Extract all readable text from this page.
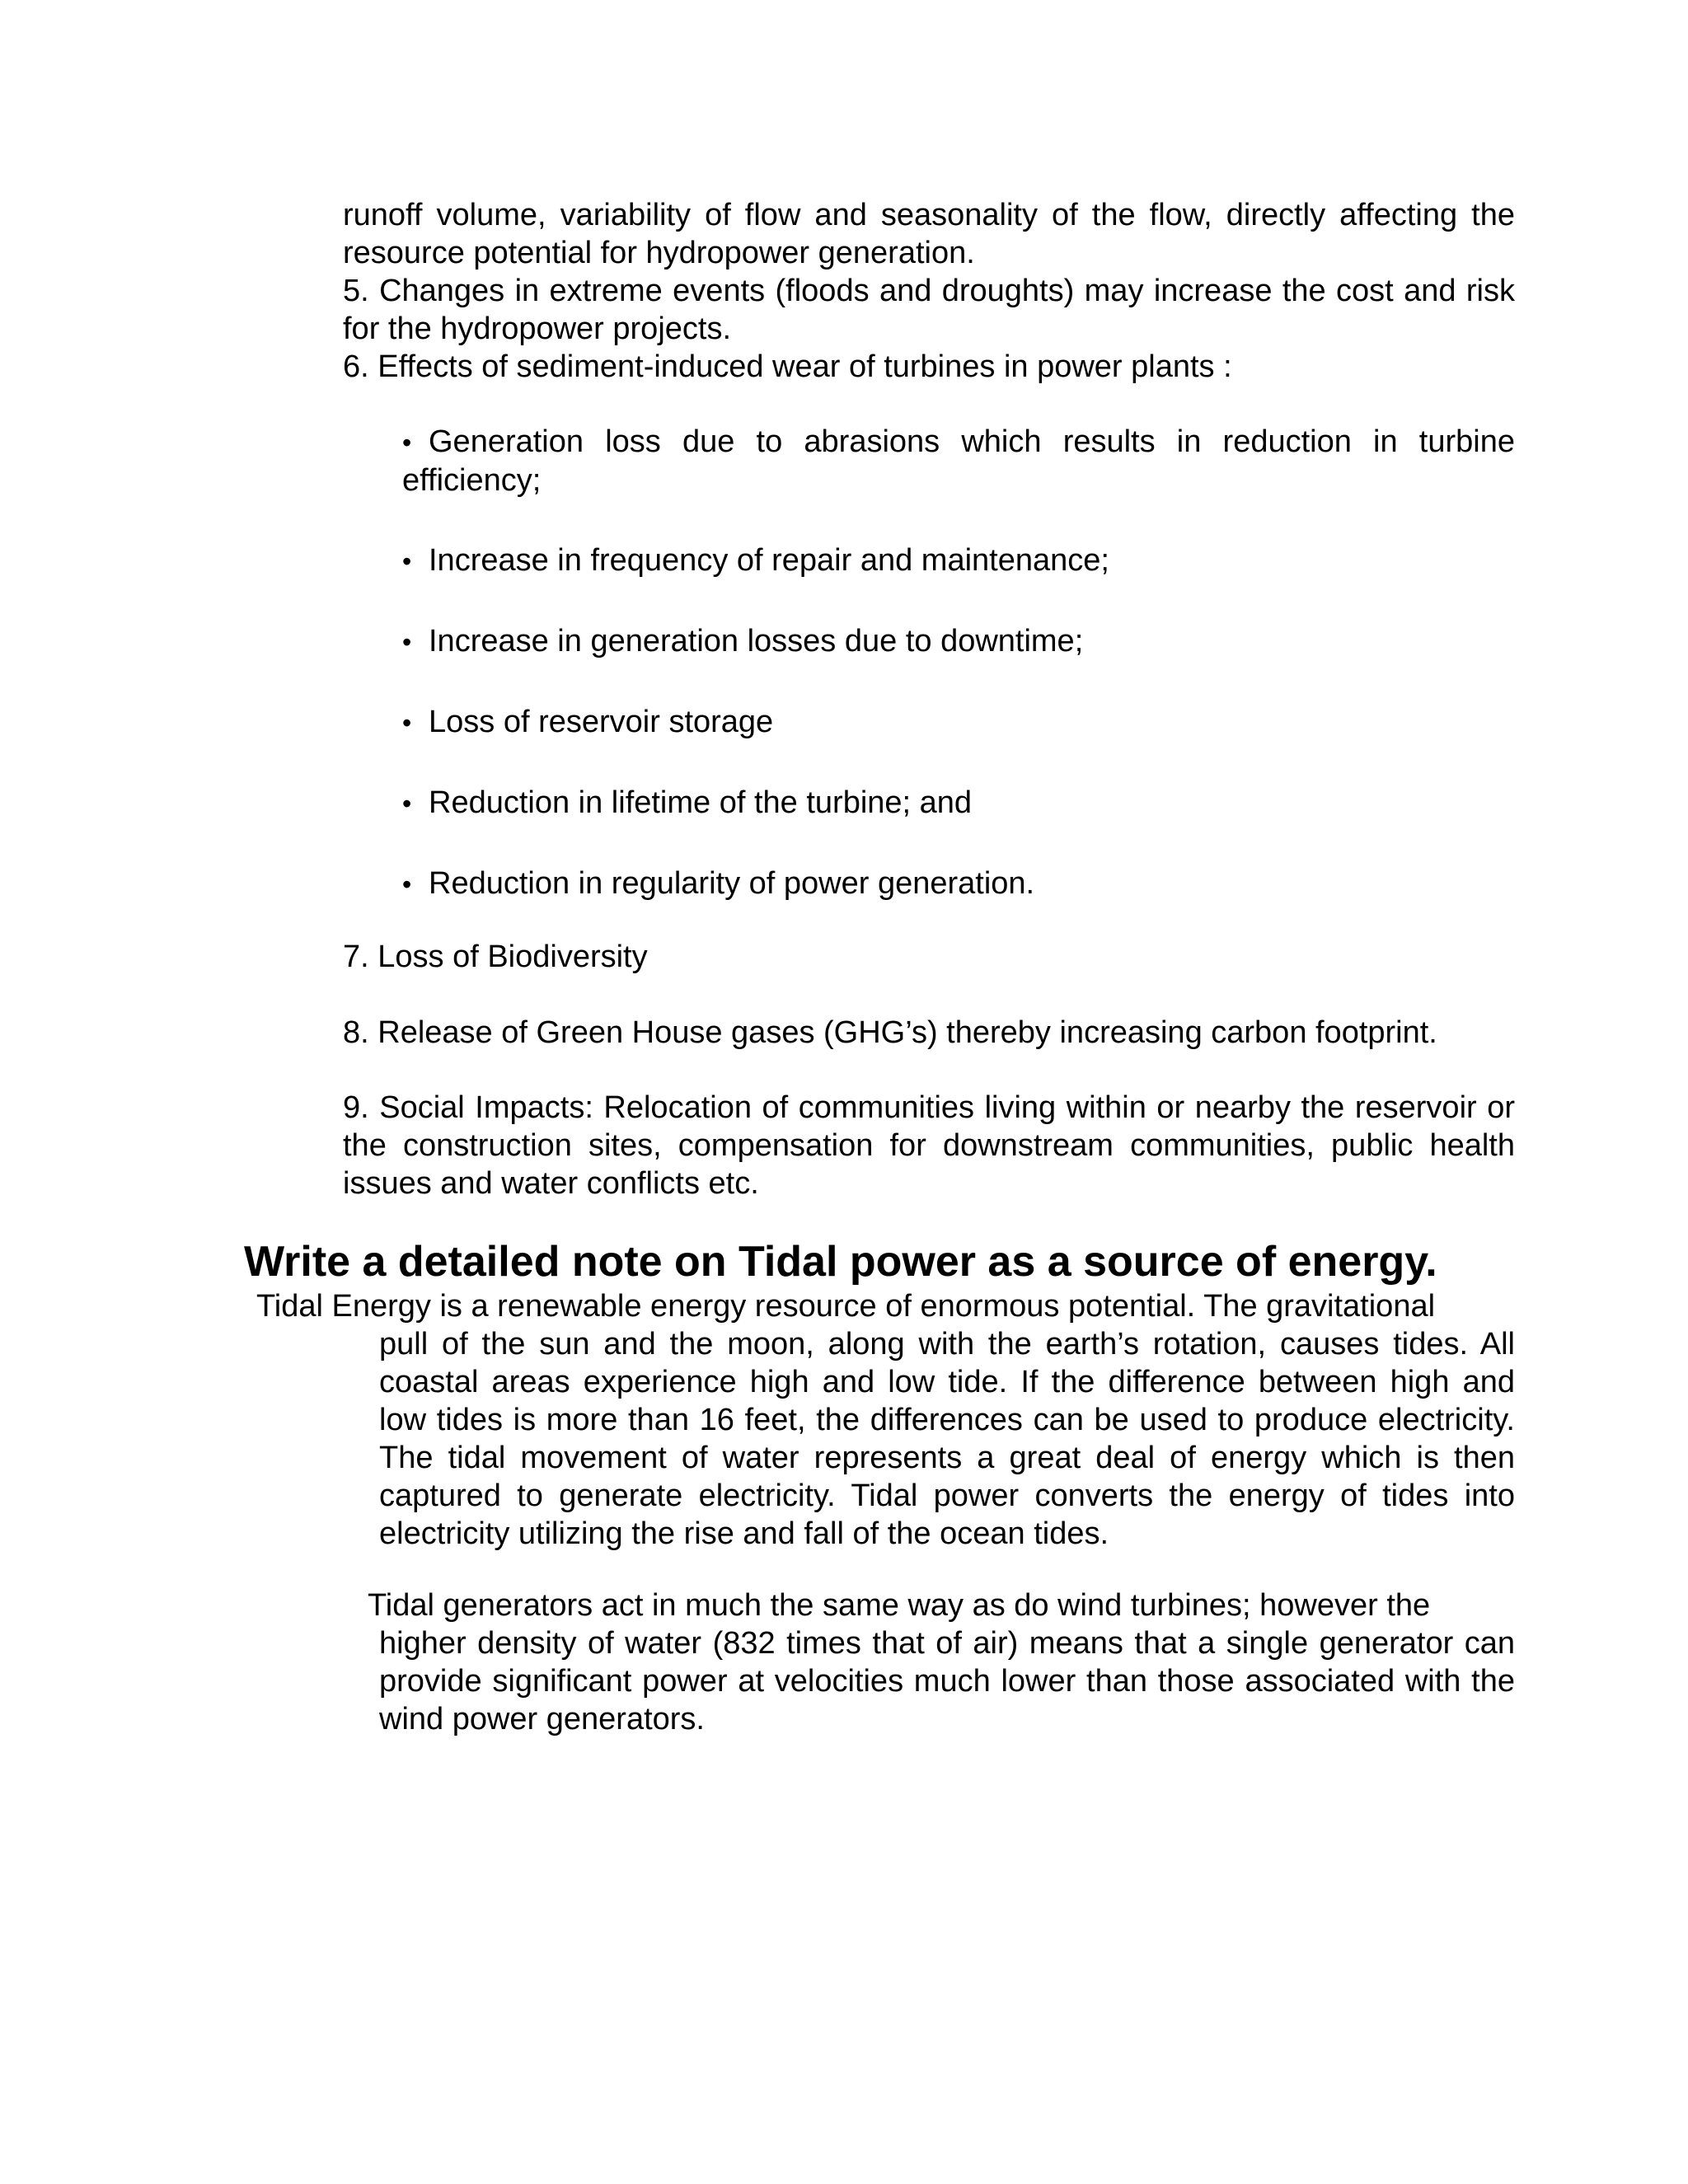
runoff volume, variability of flow and seasonality of the flow, directly affecting the resource potential for hydropower generation.

5. Changes in extreme events (floods and droughts) may increase the cost and risk for the hydropower projects.

6. Effects of sediment-induced wear of turbines in power plants :

• Generation loss due to abrasions which results in reduction in turbine efficiency;

• Increase in frequency of repair and maintenance;

• Increase in generation losses due to downtime;

• Loss of reservoir storage

• Reduction in lifetime of the turbine; and

• Reduction in regularity of power generation.

7. Loss of Biodiversity

8. Release of Green House gases (GHG’s) thereby increasing carbon footprint.

9. Social Impacts: Relocation of communities living within or nearby the reservoir or the construction sites, compensation for downstream communities, public health issues and water conflicts etc.

Write a detailed note on Tidal power as a source of energy.
Tidal Energy is a renewable energy resource of enormous potential. The gravitational
pull of the sun and the moon, along with the earth’s rotation, causes tides. All coastal areas experience high and low tide. If the difference between high and low tides is more than 16 feet, the differences can be used to produce electricity. The tidal movement of water represents a great deal of energy which is then captured to generate electricity. Tidal power converts the energy of tides into electricity utilizing the rise and fall of the ocean tides.
Tidal generators act in much the same way as do wind turbines; however the
higher density of water (832 times that of air) means that a single generator can provide significant power at velocities much lower than those associated with the wind power generators.
